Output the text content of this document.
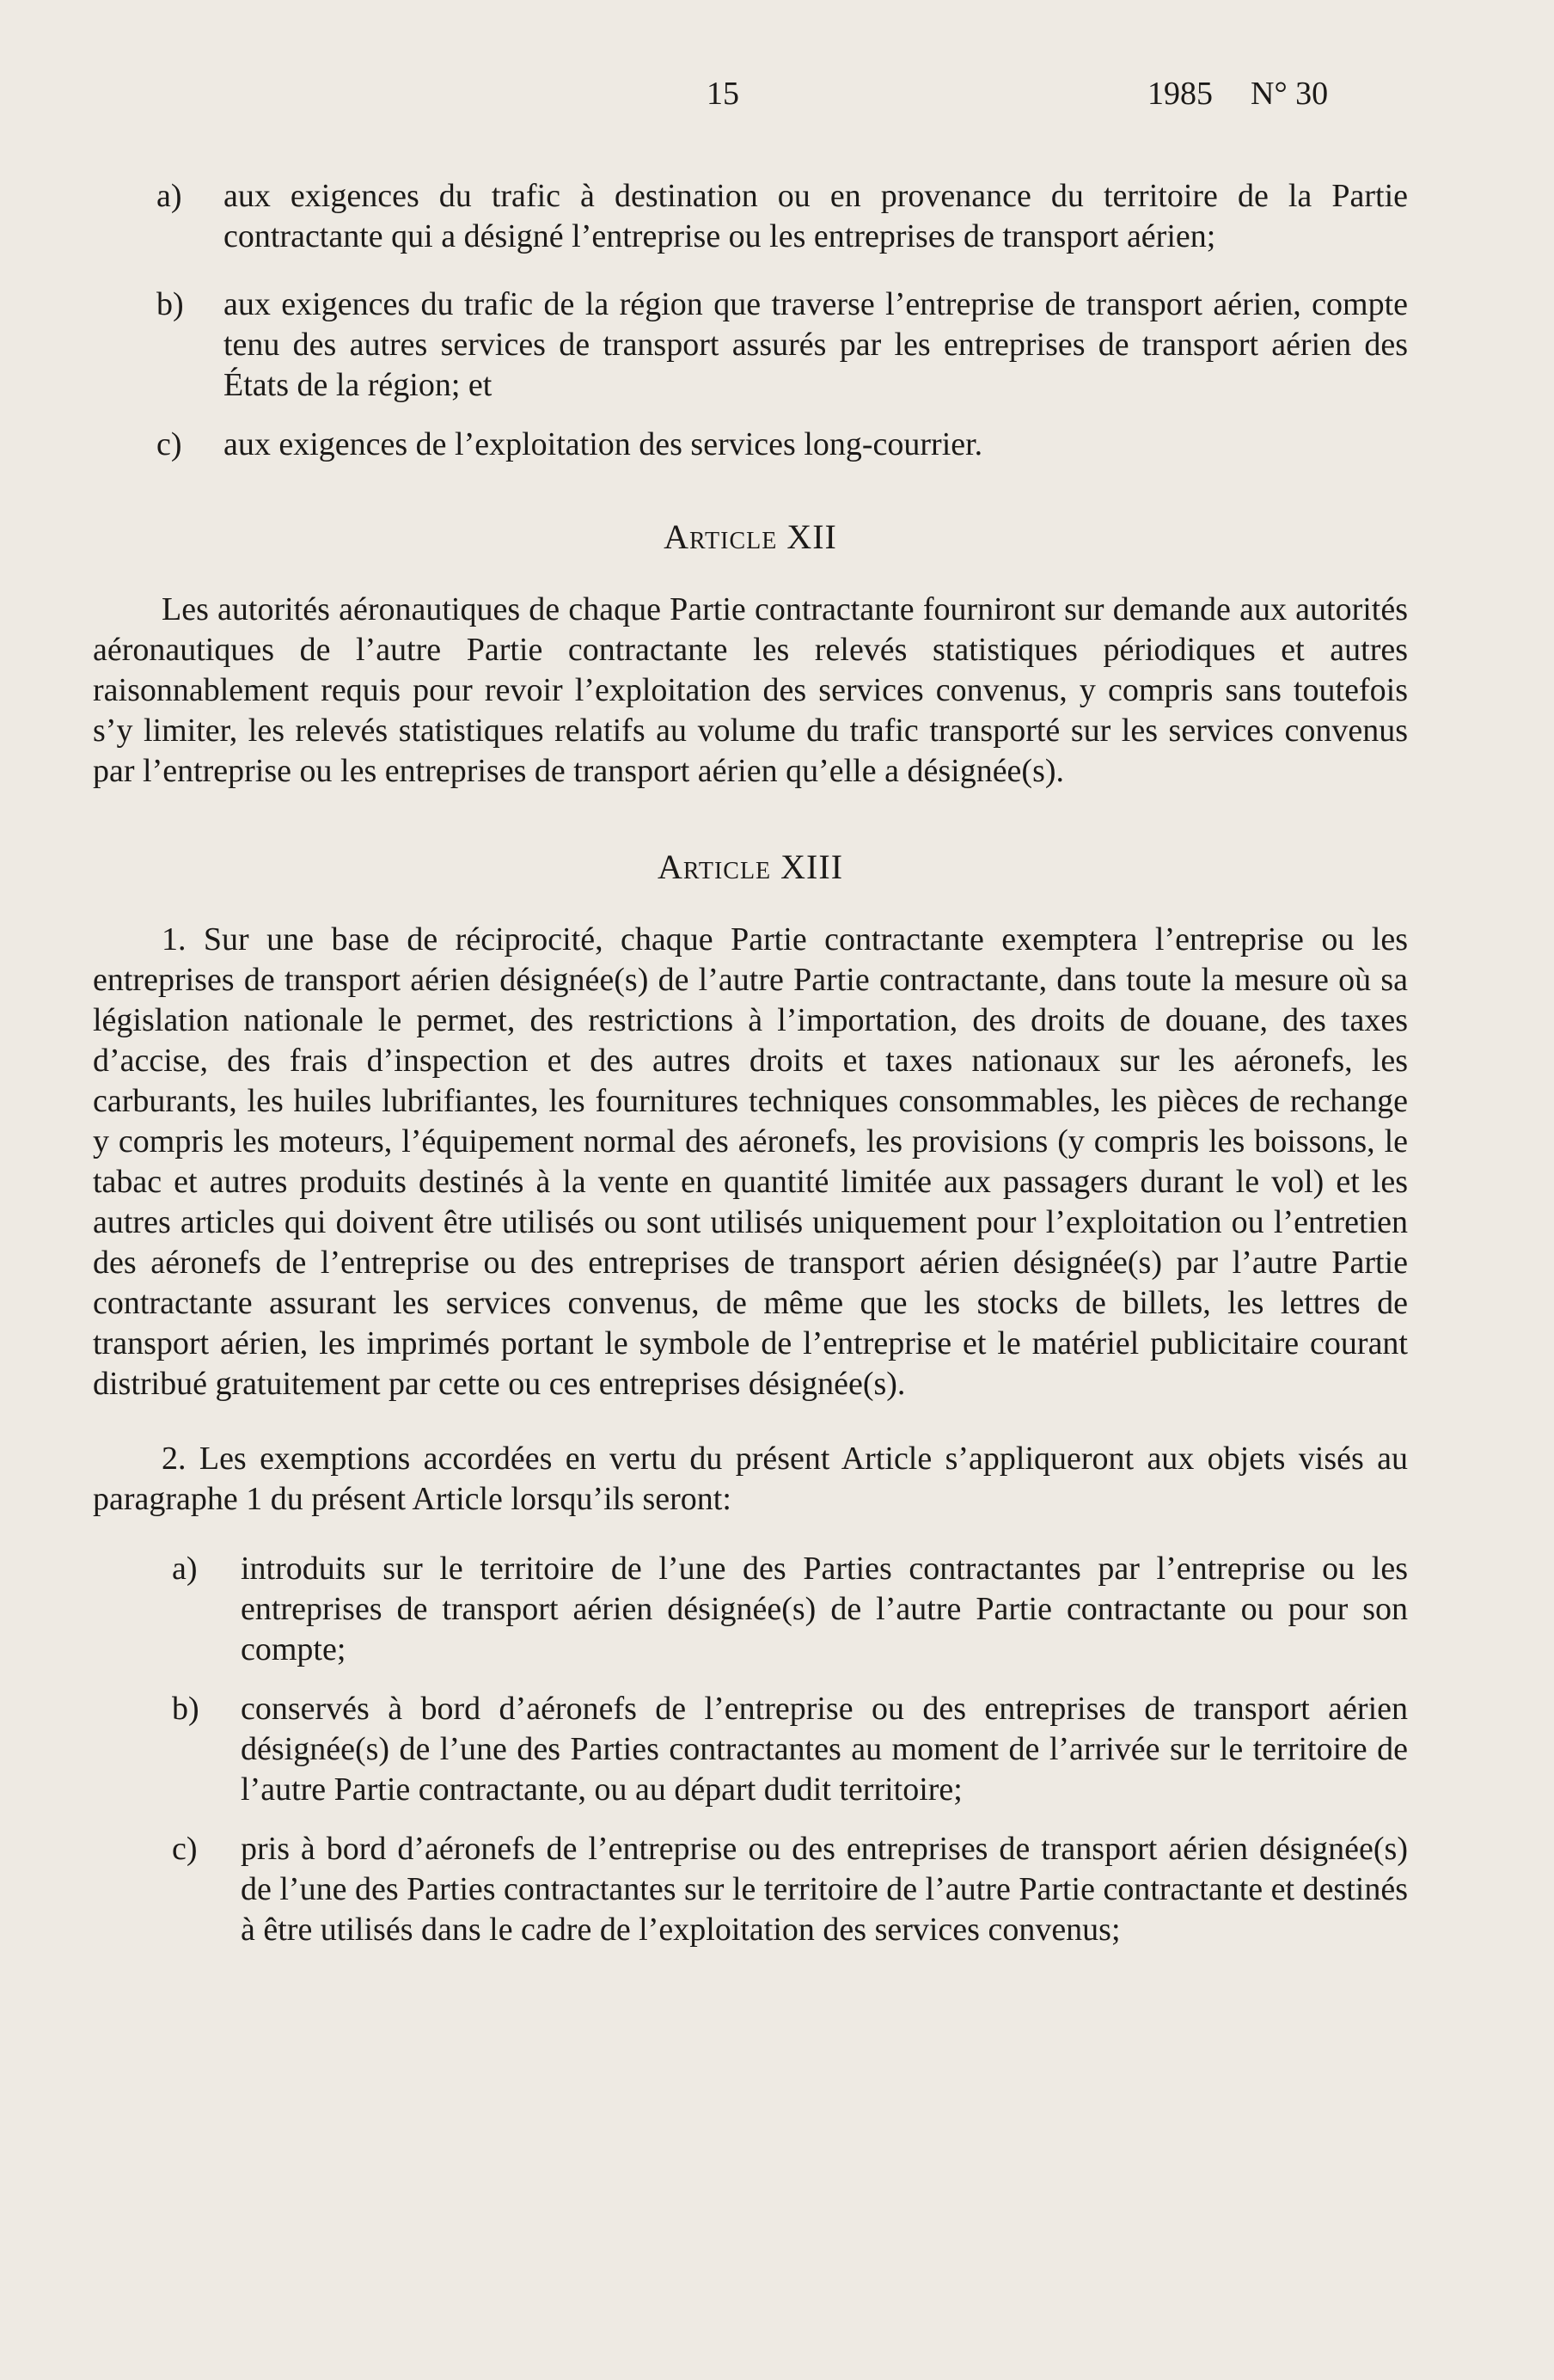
15	1985 N° 30
a) aux exigences du trafic à destination ou en provenance du territoire de la Partie contractante qui a désigné l’entreprise ou les entreprises de transport aérien;
b) aux exigences du trafic de la région que traverse l’entreprise de transport aérien, compte tenu des autres services de transport assurés par les entreprises de transport aérien des États de la région; et
c) aux exigences de l’exploitation des services long-courrier.
Article XII
Les autorités aéronautiques de chaque Partie contractante fourniront sur demande aux autorités aéronautiques de l’autre Partie contractante les relevés statistiques périodiques et autres raisonnablement requis pour revoir l’exploitation des services convenus, y compris sans toutefois s’y limiter, les relevés statistiques relatifs au volume du trafic transporté sur les services convenus par l’entreprise ou les entreprises de transport aérien qu’elle a désignée(s).
Article XIII
1. Sur une base de réciprocité, chaque Partie contractante exemptera l’entreprise ou les entreprises de transport aérien désignée(s) de l’autre Partie contractante, dans toute la mesure où sa législation nationale le permet, des restrictions à l’importation, des droits de douane, des taxes d’accise, des frais d’inspection et des autres droits et taxes nationaux sur les aéronefs, les carburants, les huiles lubrifiantes, les fournitures techniques consommables, les pièces de rechange y compris les moteurs, l’équipement normal des aéronefs, les provisions (y compris les boissons, le tabac et autres produits destinés à la vente en quantité limitée aux passagers durant le vol) et les autres articles qui doivent être utilisés ou sont utilisés uniquement pour l’exploitation ou l’entretien des aéronefs de l’entreprise ou des entreprises de transport aérien désignée(s) par l’autre Partie contractante assurant les services convenus, de même que les stocks de billets, les lettres de transport aérien, les imprimés portant le symbole de l’entreprise et le matériel publicitaire courant distribué gratuitement par cette ou ces entreprises désignée(s).
2. Les exemptions accordées en vertu du présent Article s’appliqueront aux objets visés au paragraphe 1 du présent Article lorsqu’ils seront:
a) introduits sur le territoire de l’une des Parties contractantes par l’entreprise ou les entreprises de transport aérien désignée(s) de l’autre Partie contractante ou pour son compte;
b) conservés à bord d’aéronefs de l’entreprise ou des entreprises de transport aérien désignée(s) de l’une des Parties contractantes au moment de l’arrivée sur le territoire de l’autre Partie contractante, ou au départ dudit territoire;
c) pris à bord d’aéronefs de l’entreprise ou des entreprises de transport aérien désignée(s) de l’une des Parties contractantes sur le territoire de l’autre Partie contractante et destinés à être utilisés dans le cadre de l’exploitation des services convenus;
